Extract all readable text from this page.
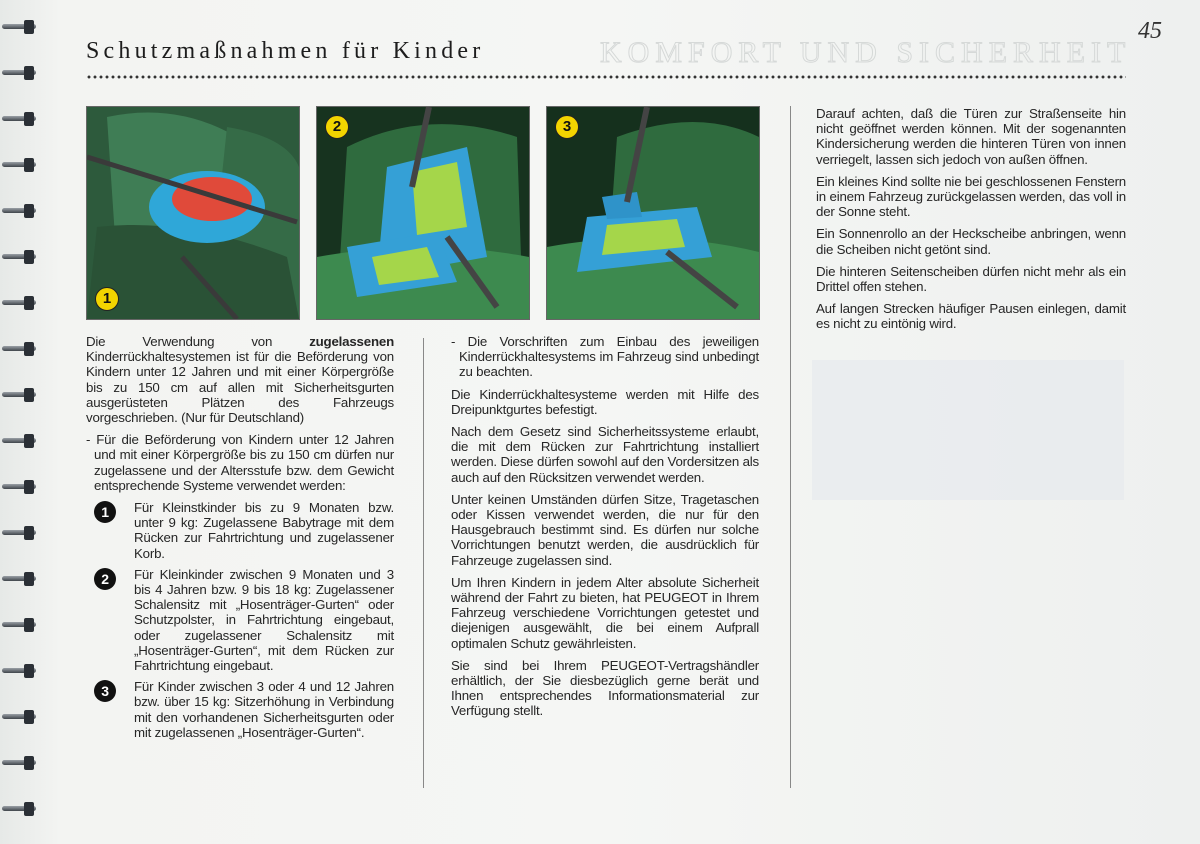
KOMFORT UND SICHERHEIT
45
Schutzmaßnahmen für Kinder
1
2	3

Die Verwendung von zugelassenen Kinderrückhaltesystemen ist für die Beförderung von Kindern unter 12 Jahren und mit einer Körpergröße bis zu 150 cm auf allen mit Sicherheitsgurten ausgerüsteten Plätzen des Fahrzeugs vorgeschrieben. (Nur für Deutschland)

- Für die Beförderung von Kindern unter 12 Jahren und mit einer Körpergröße bis zu 150 cm dürfen nur zugelassene und der Altersstufe bzw. dem Gewicht entsprechende Systeme verwendet werden:

1	Für Kleinstkinder bis zu 9 Monaten bzw. unter 9 kg: Zugelassene Babytrage mit dem Rücken zur Fahrtrichtung und zugelassener Korb.
2	Für Kleinkinder zwischen 9 Monaten und 3 bis 4 Jahren bzw. 9 bis 18 kg: Zugelassener Schalensitz mit „Hosenträger-Gurten“ oder Schutzpolster, in Fahrtrichtung eingebaut, oder zugelassener Schalensitz mit „Hosenträger-Gurten“, mit dem Rücken zur Fahrtrichtung eingebaut.
3	Für Kinder zwischen 3 oder 4 und 12 Jahren bzw. über 15 kg: Sitzerhöhung in Verbindung mit den vorhandenen Sicherheitsgurten oder mit zugelassenen „Hosenträger-Gurten“.

- Die Vorschriften zum Einbau des jeweiligen Kinderrückhaltesystems im Fahrzeug sind unbedingt zu beachten.

Die Kinderrückhaltesysteme werden mit Hilfe des Dreipunktgurtes befestigt.

Nach dem Gesetz sind Sicherheitssysteme erlaubt, die mit dem Rücken zur Fahrtrichtung installiert werden. Diese dürfen sowohl auf den Vordersitzen als auch auf den Rücksitzen verwendet werden.

Unter keinen Umständen dürfen Sitze, Tragetaschen oder Kissen verwendet werden, die nur für den Hausgebrauch bestimmt sind. Es dürfen nur solche Vorrichtungen benutzt werden, die ausdrücklich für Fahrzeuge zugelassen sind.

Um Ihren Kindern in jedem Alter absolute Sicherheit während der Fahrt zu bieten, hat PEUGEOT in Ihrem Fahrzeug verschiedene Vorrichtungen getestet und diejenigen ausgewählt, die bei einem Aufprall optimalen Schutz gewährleisten.

Sie sind bei Ihrem PEUGEOT-Vertragshändler erhältlich, der Sie diesbezüglich gerne berät und Ihnen entsprechendes Informationsmaterial zur Verfügung stellt.

Darauf achten, daß die Türen zur Straßenseite hin nicht geöffnet werden können. Mit der sogenannten Kindersicherung werden die hinteren Türen von innen verriegelt, lassen sich jedoch von außen öffnen.

Ein kleines Kind sollte nie bei geschlossenen Fenstern in einem Fahrzeug zurückgelassen werden, das voll in der Sonne steht.

Ein Sonnenrollo an der Heckscheibe anbringen, wenn die Scheiben nicht getönt sind.

Die hinteren Seitenscheiben dürfen nicht mehr als ein Drittel offen stehen.

Auf langen Strecken häufiger Pausen einlegen, damit es nicht zu eintönig wird.
